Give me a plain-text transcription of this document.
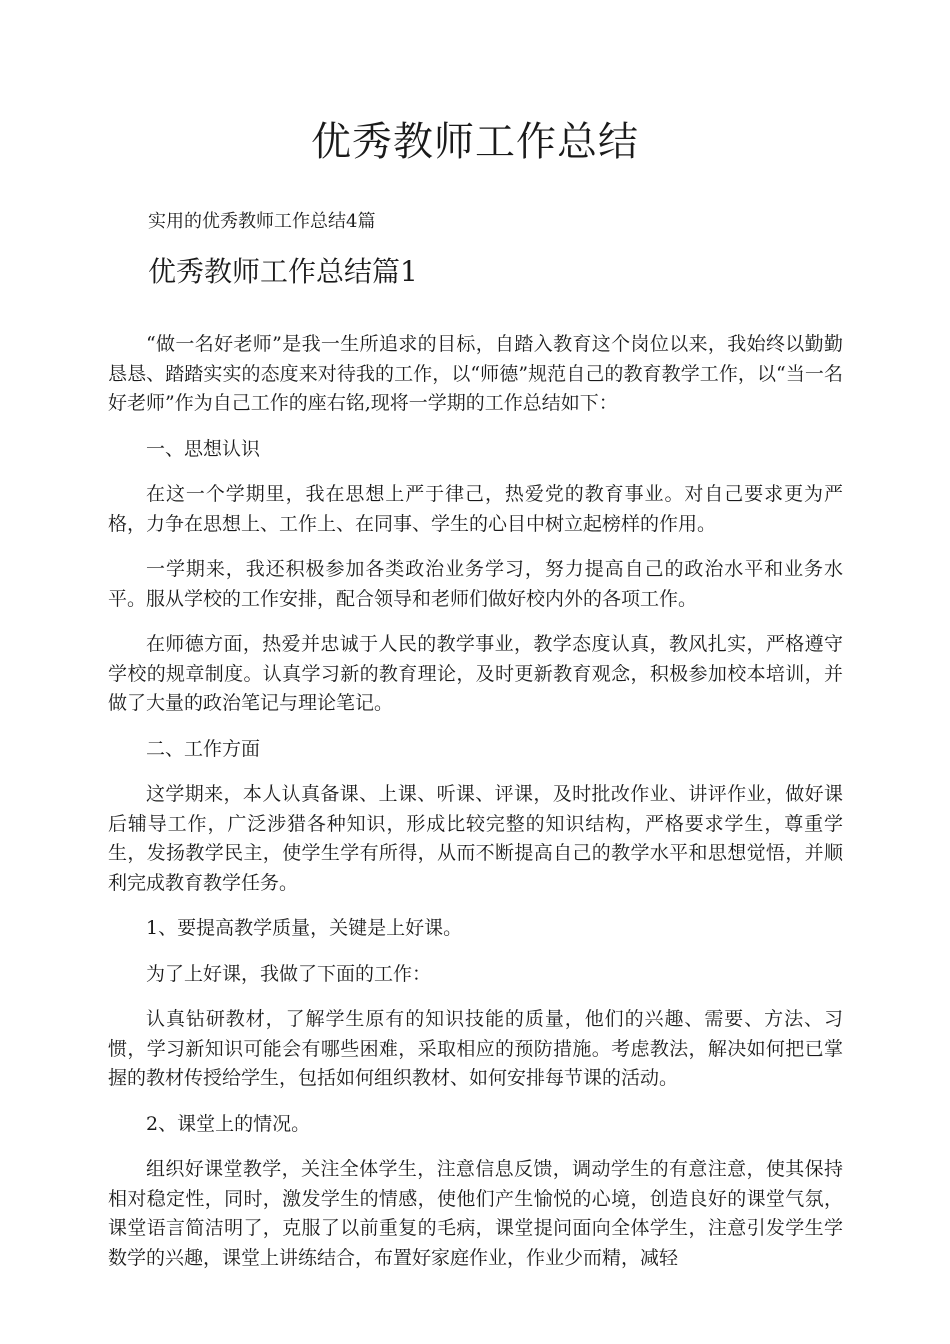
优秀教师工作总结

实用的优秀教师工作总结4篇

优秀教师工作总结篇1

“做一名好老师”是我一生所追求的目标，自踏入教育这个岗位以来，我始终以勤勤恳恳、踏踏实实的态度来对待我的工作，以“师德”规范自己的教育教学工作，以“当一名好老师”作为自己工作的座右铭,现将一学期的工作总结如下：

一、思想认识

在这一个学期里，我在思想上严于律己，热爱党的教育事业。对自己要求更为严格，力争在思想上、工作上、在同事、学生的心目中树立起榜样的作用。

一学期来，我还积极参加各类政治业务学习，努力提高自己的政治水平和业务水平。服从学校的工作安排，配合领导和老师们做好校内外的各项工作。

在师德方面，热爱并忠诚于人民的教学事业，教学态度认真，教风扎实，严格遵守学校的规章制度。认真学习新的教育理论，及时更新教育观念，积极参加校本培训，并做了大量的政治笔记与理论笔记。

二、工作方面

这学期来，本人认真备课、上课、听课、评课，及时批改作业、讲评作业，做好课后辅导工作，广泛涉猎各种知识，形成比较完整的知识结构，严格要求学生，尊重学生，发扬教学民主，使学生学有所得，从而不断提高自己的教学水平和思想觉悟，并顺利完成教育教学任务。

1、要提高教学质量，关键是上好课。

为了上好课，我做了下面的工作：

认真钻研教材，了解学生原有的知识技能的质量，他们的兴趣、需要、方法、习惯，学习新知识可能会有哪些困难，采取相应的预防措施。考虑教法，解决如何把已掌握的教材传授给学生，包括如何组织教材、如何安排每节课的活动。

2、课堂上的情况。

组织好课堂教学，关注全体学生，注意信息反馈，调动学生的有意注意，使其保持相对稳定性，同时，激发学生的情感，使他们产生愉悦的心境，创造良好的课堂气氛，课堂语言简洁明了，克服了以前重复的毛病，课堂提问面向全体学生，注意引发学生学数学的兴趣，课堂上讲练结合，布置好家庭作业，作业少而精，减轻
